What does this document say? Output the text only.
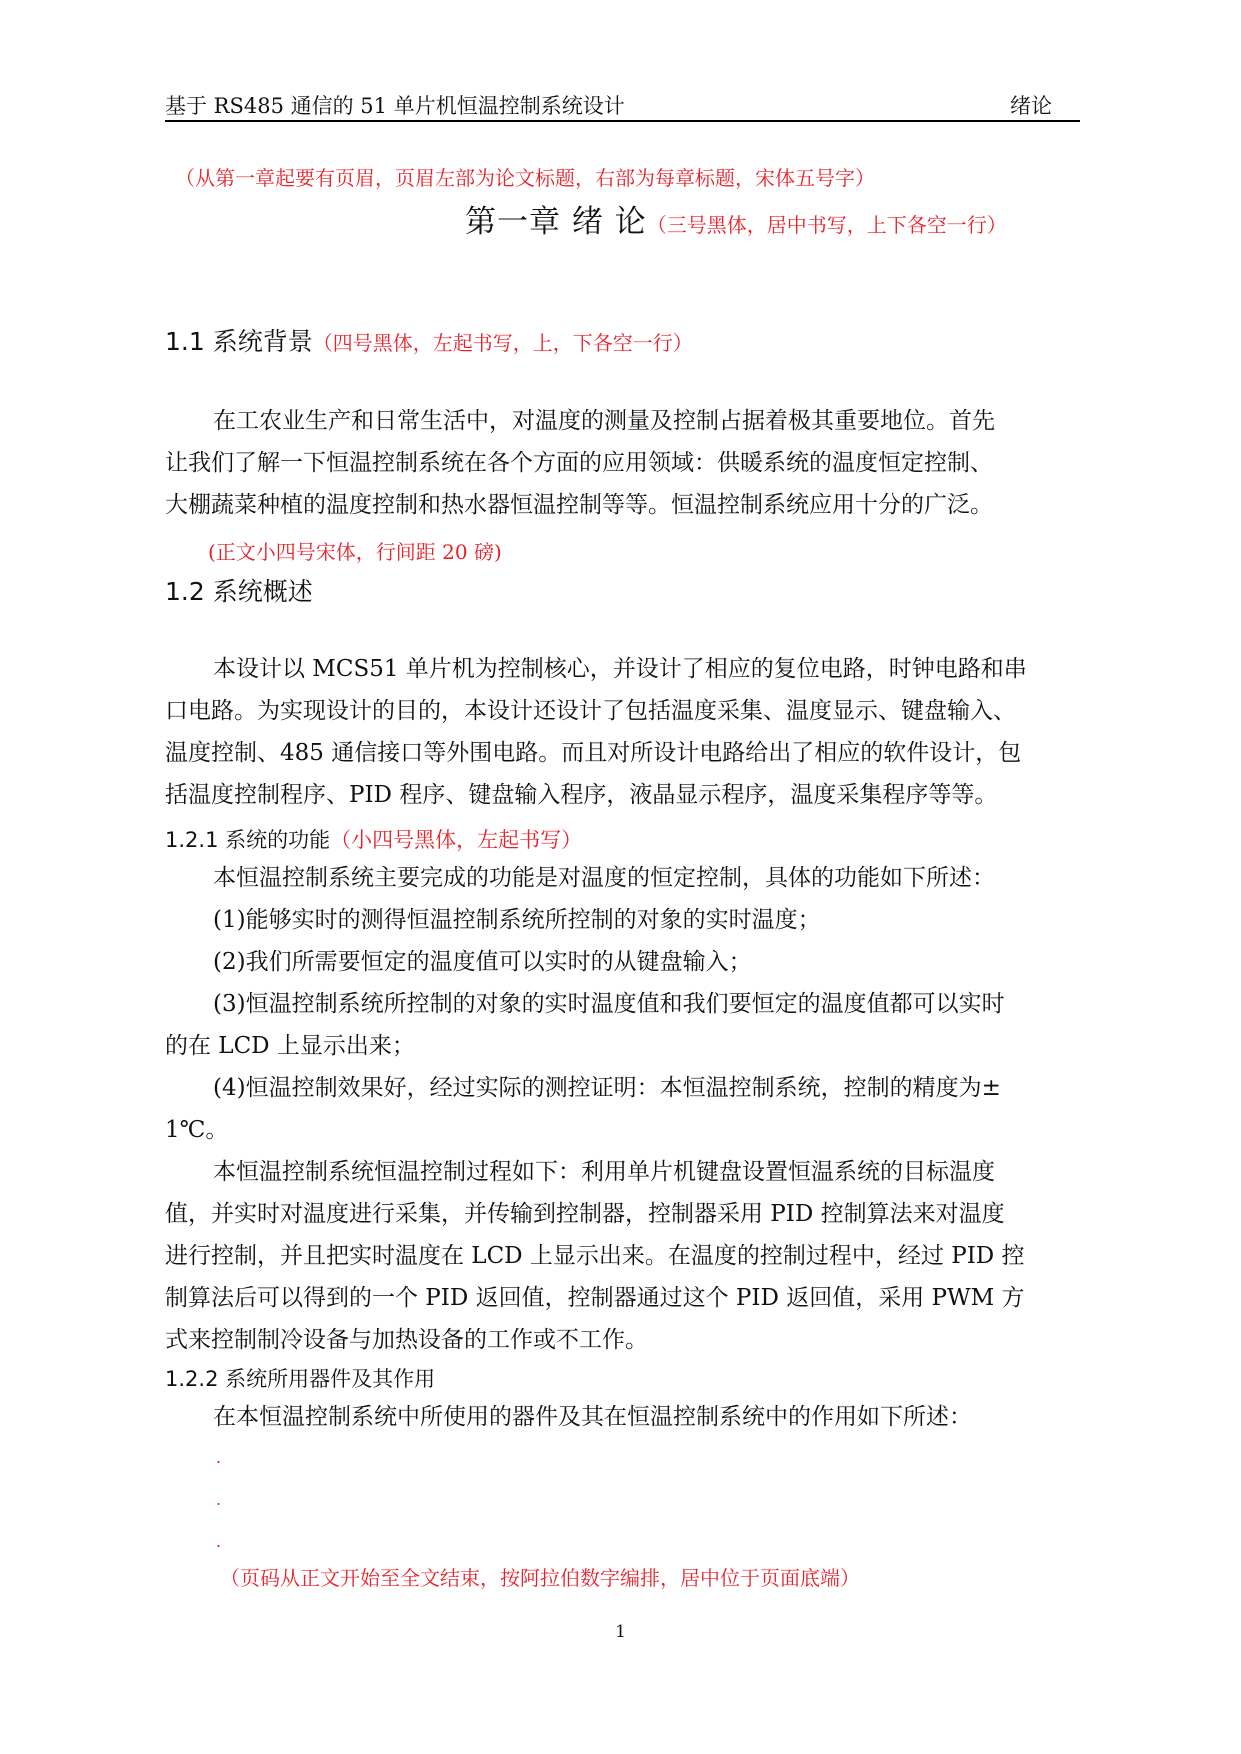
基于 RS485 通信的 51 单片机恒温控制系统设计	绪论
（从第一章起要有页眉，页眉左部为论文标题，右部为每章标题，宋体五号字）
第一章 绪 论（三号黑体，居中书写，上下各空一行）
1.1 系统背景（四号黑体，左起书写，上，下各空一行）
在工农业生产和日常生活中，对温度的测量及控制占据着极其重要地位。首先
让我们了解一下恒温控制系统在各个方面的应用领域：供暖系统的温度恒定控制、
大棚蔬菜种植的温度控制和热水器恒温控制等等。恒温控制系统应用十分的广泛。
(正文小四号宋体，行间距 20 磅)
1.2 系统概述
本设计以 MCS51 单片机为控制核心，并设计了相应的复位电路，时钟电路和串
口电路。为实现设计的目的，本设计还设计了包括温度采集、温度显示、键盘输入、
温度控制、485 通信接口等外围电路。而且对所设计电路给出了相应的软件设计，包
括温度控制程序、PID 程序、键盘输入程序，液晶显示程序，温度采集程序等等。
1.2.1 系统的功能（小四号黑体，左起书写）
本恒温控制系统主要完成的功能是对温度的恒定控制，具体的功能如下所述：
(1)能够实时的测得恒温控制系统所控制的对象的实时温度；
(2)我们所需要恒定的温度值可以实时的从键盘输入；
(3)恒温控制系统所控制的对象的实时温度值和我们要恒定的温度值都可以实时
的在 LCD 上显示出来；
(4)恒温控制效果好，经过实际的测控证明：本恒温控制系统，控制的精度为±
1℃。
本恒温控制系统恒温控制过程如下：利用单片机键盘设置恒温系统的目标温度
值，并实时对温度进行采集，并传输到控制器，控制器采用 PID 控制算法来对温度
进行控制，并且把实时温度在 LCD 上显示出来。在温度的控制过程中，经过 PID 控
制算法后可以得到的一个 PID 返回值，控制器通过这个 PID 返回值，采用 PWM 方
式来控制制冷设备与加热设备的工作或不工作。
1.2.2 系统所用器件及其作用
在本恒温控制系统中所使用的器件及其在恒温控制系统中的作用如下所述：
.
.
.
（页码从正文开始至全文结束，按阿拉伯数字编排，居中位于页面底端）
1
